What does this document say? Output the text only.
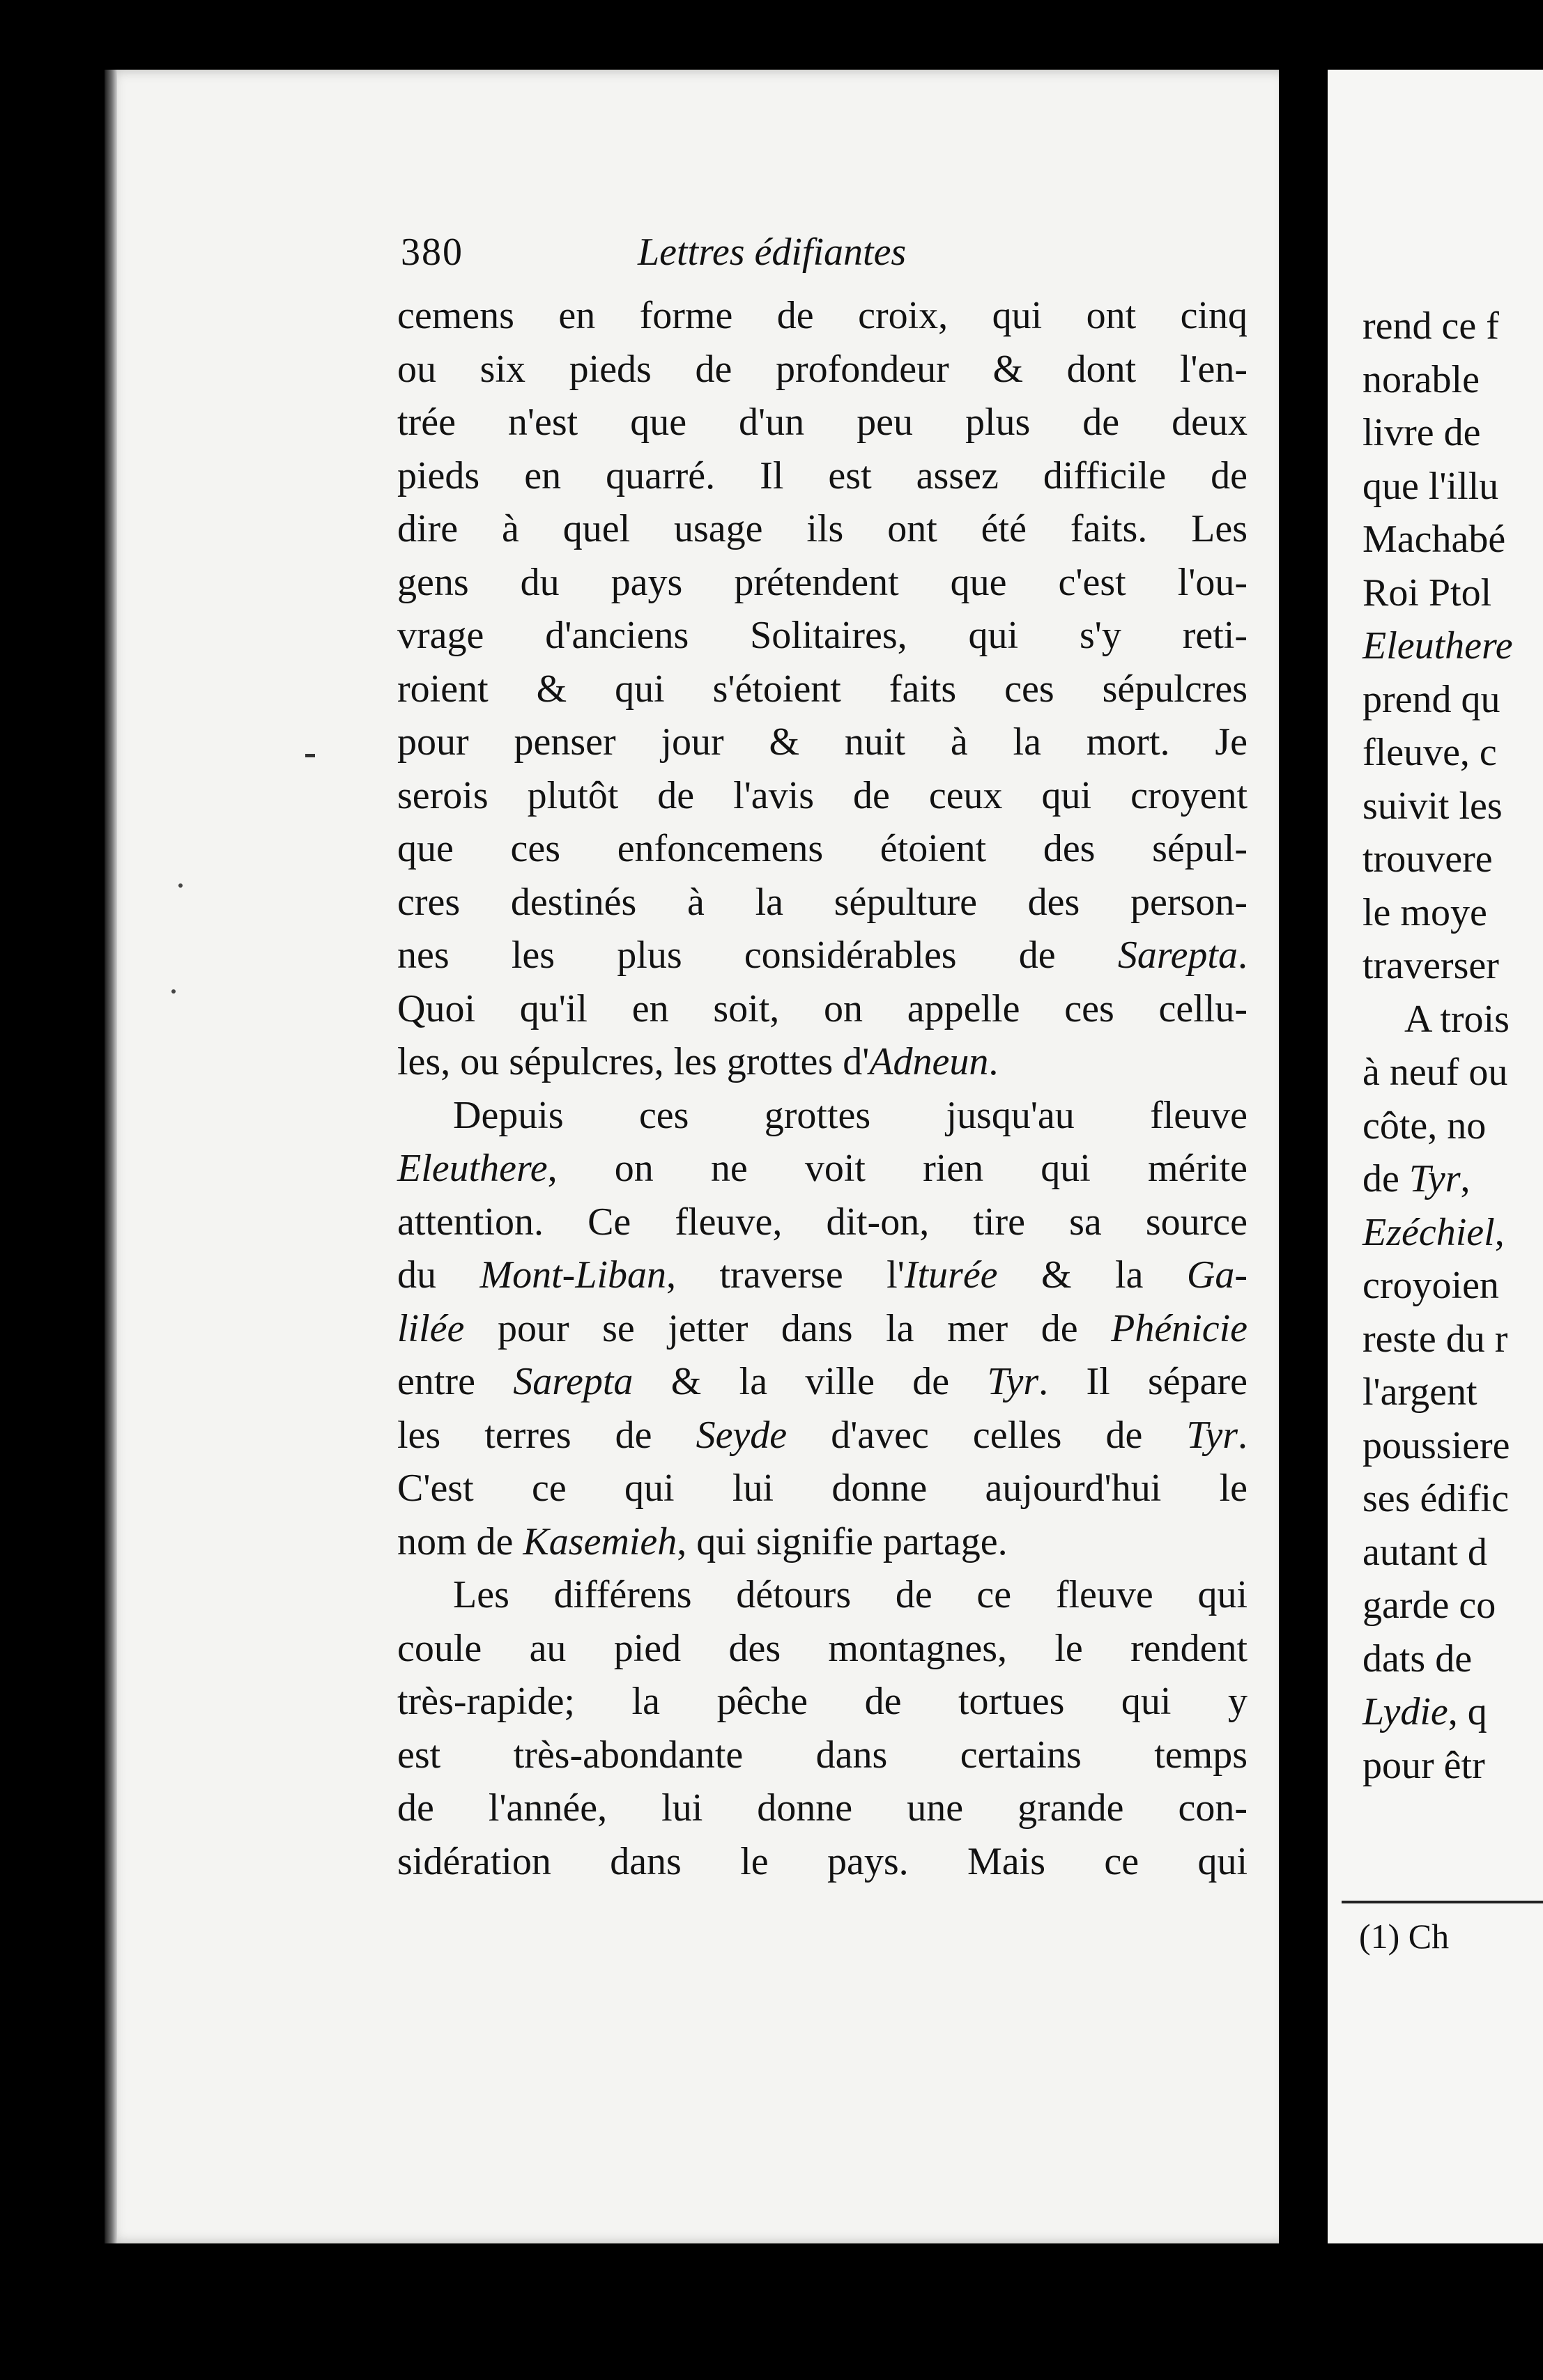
rend ce f
norable
livre de
que l'illu
Machabé
Roi Ptol
Eleuthere
prend qu
fleuve, c
suivit les
trouvere
le moye
traverser
A trois
à neuf ou
côte, no
de Tyr,
Ezéchiel,
croyoien
reste du r
l'argent
poussiere
ses édific
autant d
garde co
dats de
Lydie, q
pour êtr
(1) Ch
380	Lettres édifiantes
cemens en forme de croix, qui ont cinq
ou six pieds de profondeur & dont l'en-
trée n'est que d'un peu plus de deux
pieds en quarré. Il est assez difficile de
dire à quel usage ils ont été faits. Les
gens du pays prétendent que c'est l'ou-
vrage d'anciens Solitaires, qui s'y reti-
roient & qui s'étoient faits ces sépulcres
pour penser jour & nuit à la mort. Je
serois plutôt de l'avis de ceux qui croyent
que ces enfoncemens étoient des sépul-
cres destinés à la sépulture des person-
nes les plus considérables de Sarepta.
Quoi qu'il en soit, on appelle ces cellu-
les, ou sépulcres, les grottes d'Adneun.
Depuis ces grottes jusqu'au fleuve
Eleuthere, on ne voit rien qui mérite
attention. Ce fleuve, dit-on, tire sa source
du Mont-Liban, traverse l'Iturée & la Ga-
lilée pour se jetter dans la mer de Phénicie
entre Sarepta & la ville de Tyr. Il sépare
les terres de Seyde d'avec celles de Tyr.
C'est ce qui lui donne aujourd'hui le
nom de Kasemieh, qui signifie partage.
Les différens détours de ce fleuve qui
coule au pied des montagnes, le rendent
très-rapide; la pêche de tortues qui y
est très-abondante dans certains temps
de l'année, lui donne une grande con-
sidération dans le pays. Mais ce qui
